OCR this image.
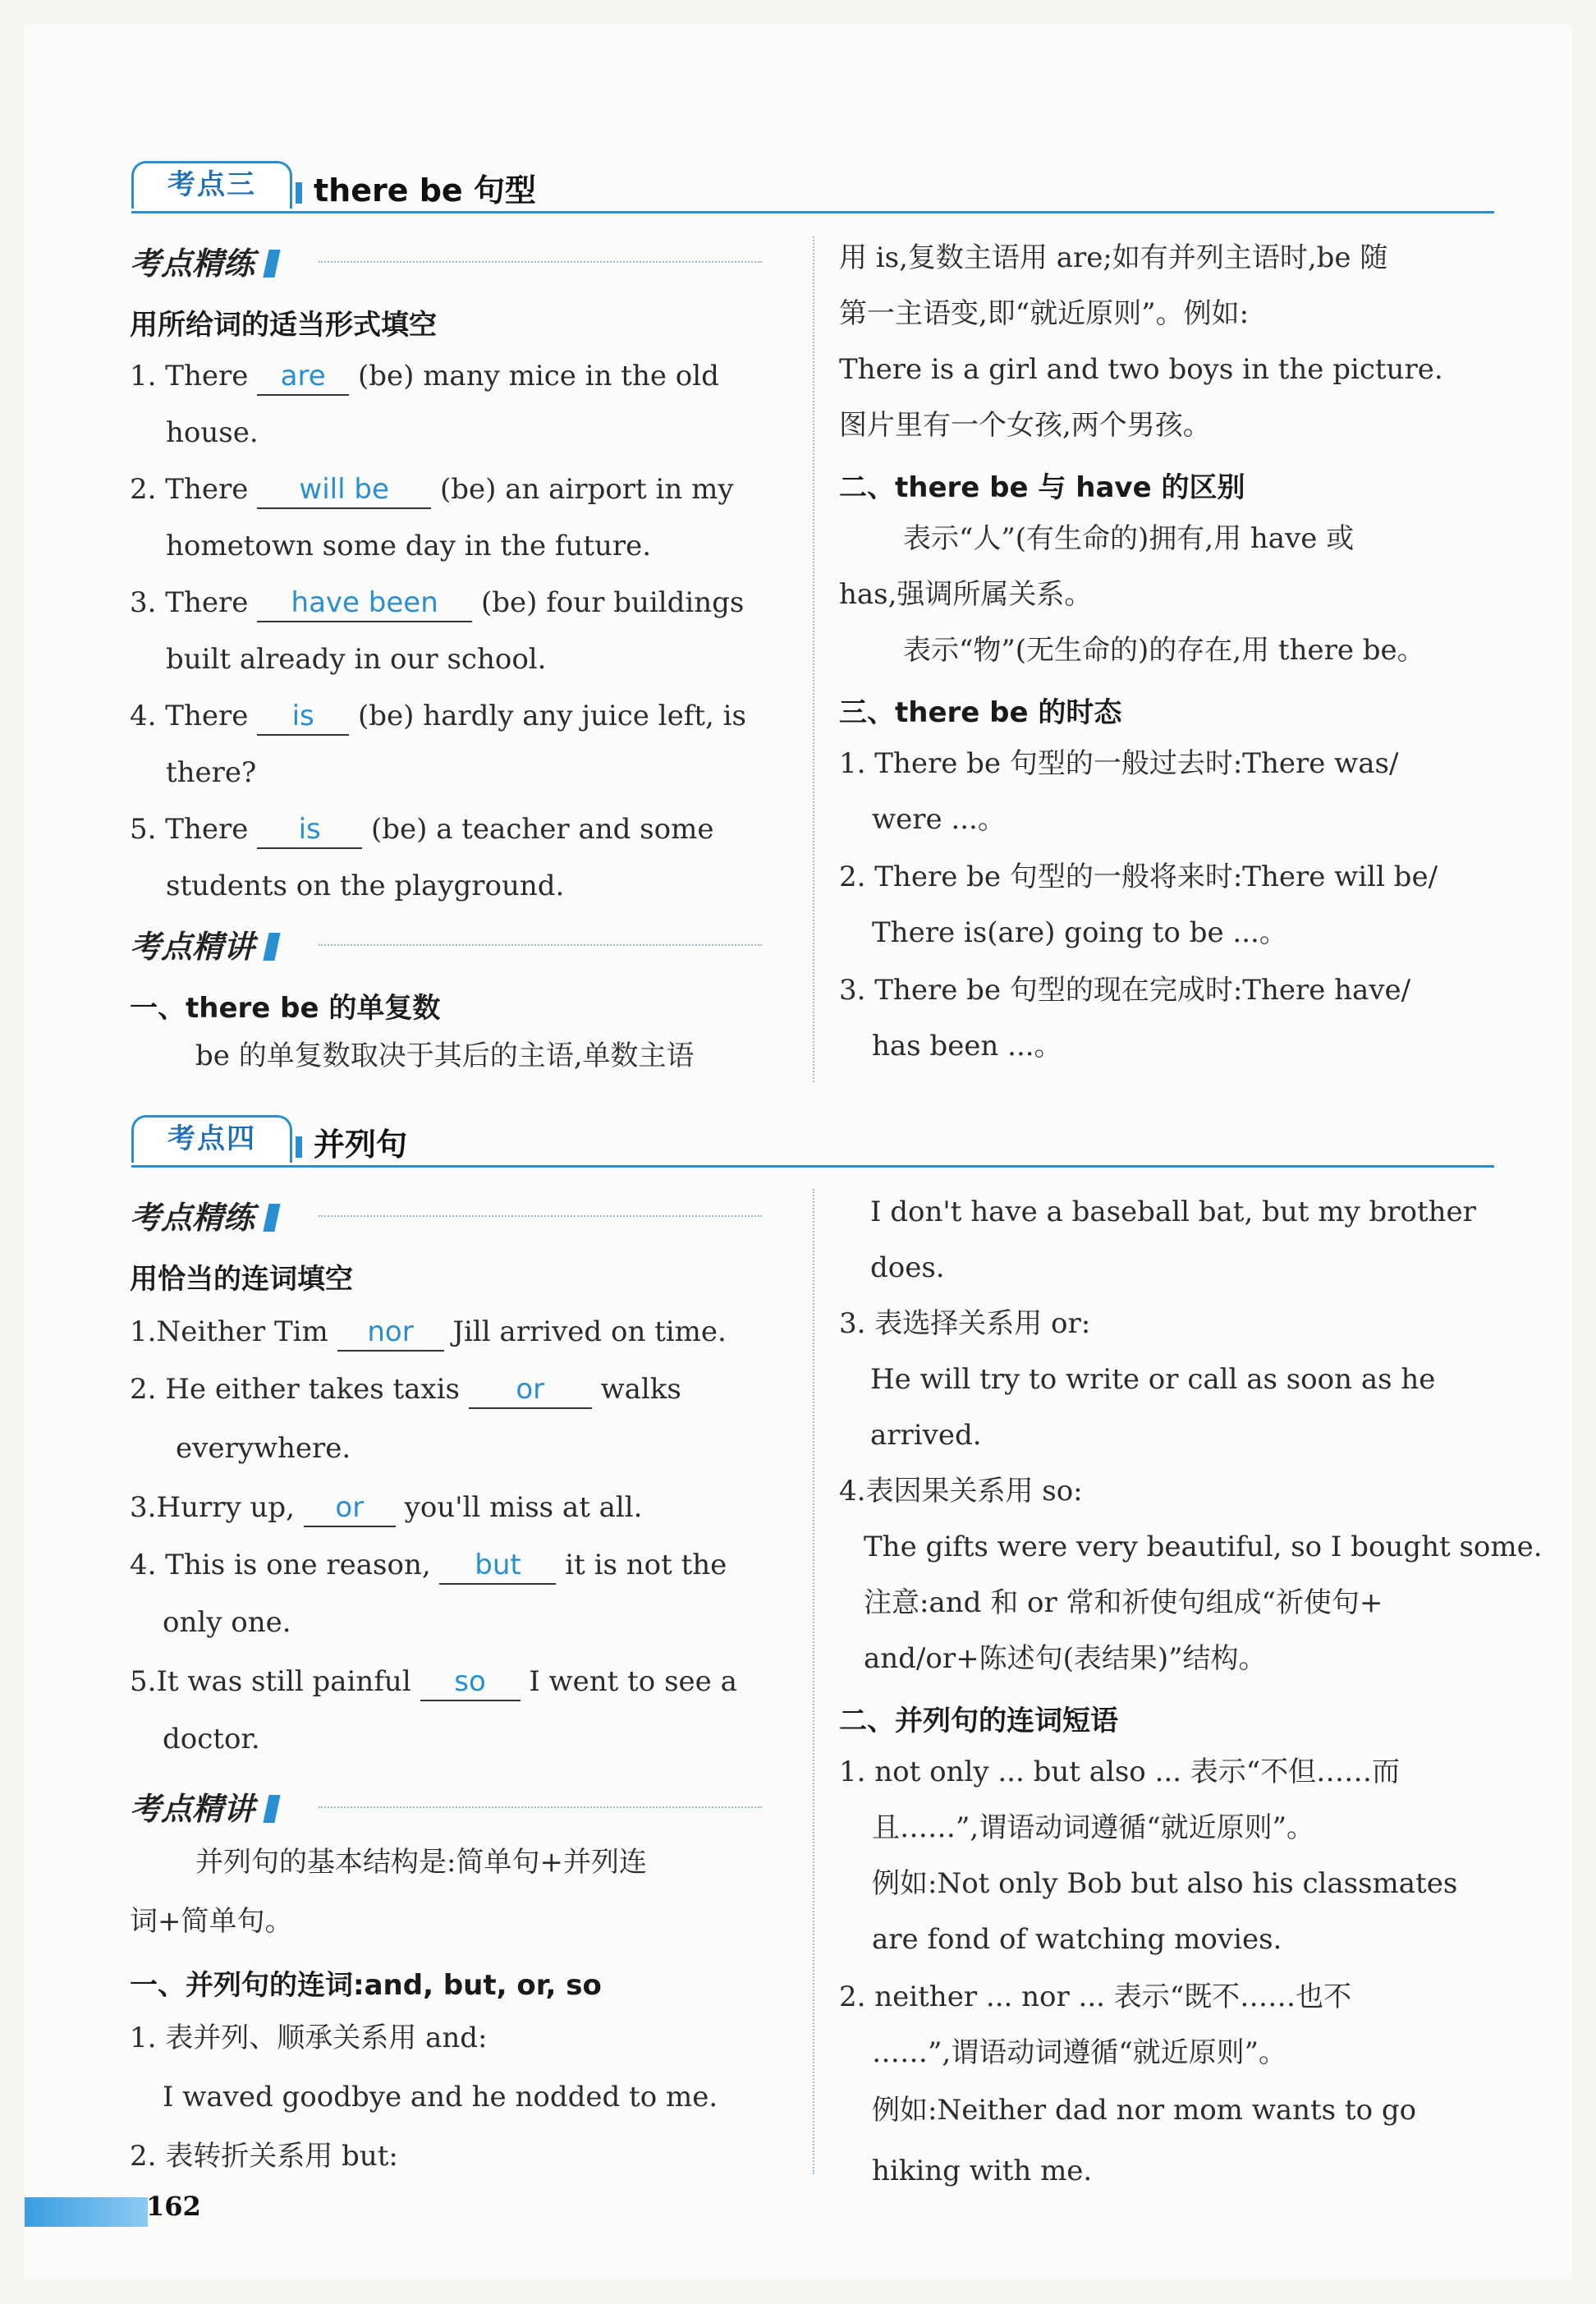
考点三	there be 句型
考点精练
用所给词的适当形式填空
1. There are (be) many mice in the old
house.
2. There will be (be) an airport in my
hometown some day in the future.
3. There have been (be) four buildings
built already in our school.
4. There is (be) hardly any juice left, is
there?
5. There is (be) a teacher and some
students on the playground.
考点精讲
一、there be 的单复数
be 的单复数取决于其后的主语,单数主语
用 is,复数主语用 are;如有并列主语时,be 随
第一主语变,即“就近原则”。例如:
There is a girl and two boys in the picture.
图片里有一个女孩,两个男孩。
二、there be 与 have 的区别
表示“人”(有生命的)拥有,用 have 或
has,强调所属关系。
表示“物”(无生命的)的存在,用 there be。
三、there be 的时态
1. There be 句型的一般过去时:There was/
were ...。
2. There be 句型的一般将来时:There will be/
There is(are) going to be ...。
3. There be 句型的现在完成时:There have/
has been ...。
考点四	并列句
考点精练
用恰当的连词填空
1.Neither Tim nor Jill arrived on time.
2. He either takes taxis or walks
everywhere.
3.Hurry up, or you'll miss at all.
4. This is one reason, but it is not the
only one.
5.It was still painful so I went to see a
doctor.
考点精讲
并列句的基本结构是:简单句+并列连
词+简单句。
一、并列句的连词:and, but, or, so
1. 表并列、顺承关系用 and:
I waved goodbye and he nodded to me.
2. 表转折关系用 but:
I don't have a baseball bat, but my brother
does.
3. 表选择关系用 or:
He will try to write or call as soon as he
arrived.
4.表因果关系用 so:
The gifts were very beautiful, so I bought some.
注意:and 和 or 常和祈使句组成“祈使句+
and/or+陈述句(表结果)”结构。
二、并列句的连词短语
1. not only ... but also ... 表示“不但……而
且……”,谓语动词遵循“就近原则”。
例如:Not only Bob but also his classmates
are fond of watching movies.
2. neither ... nor ... 表示“既不……也不
……”,谓语动词遵循“就近原则”。
例如:Neither dad nor mom wants to go
hiking with me.
162
